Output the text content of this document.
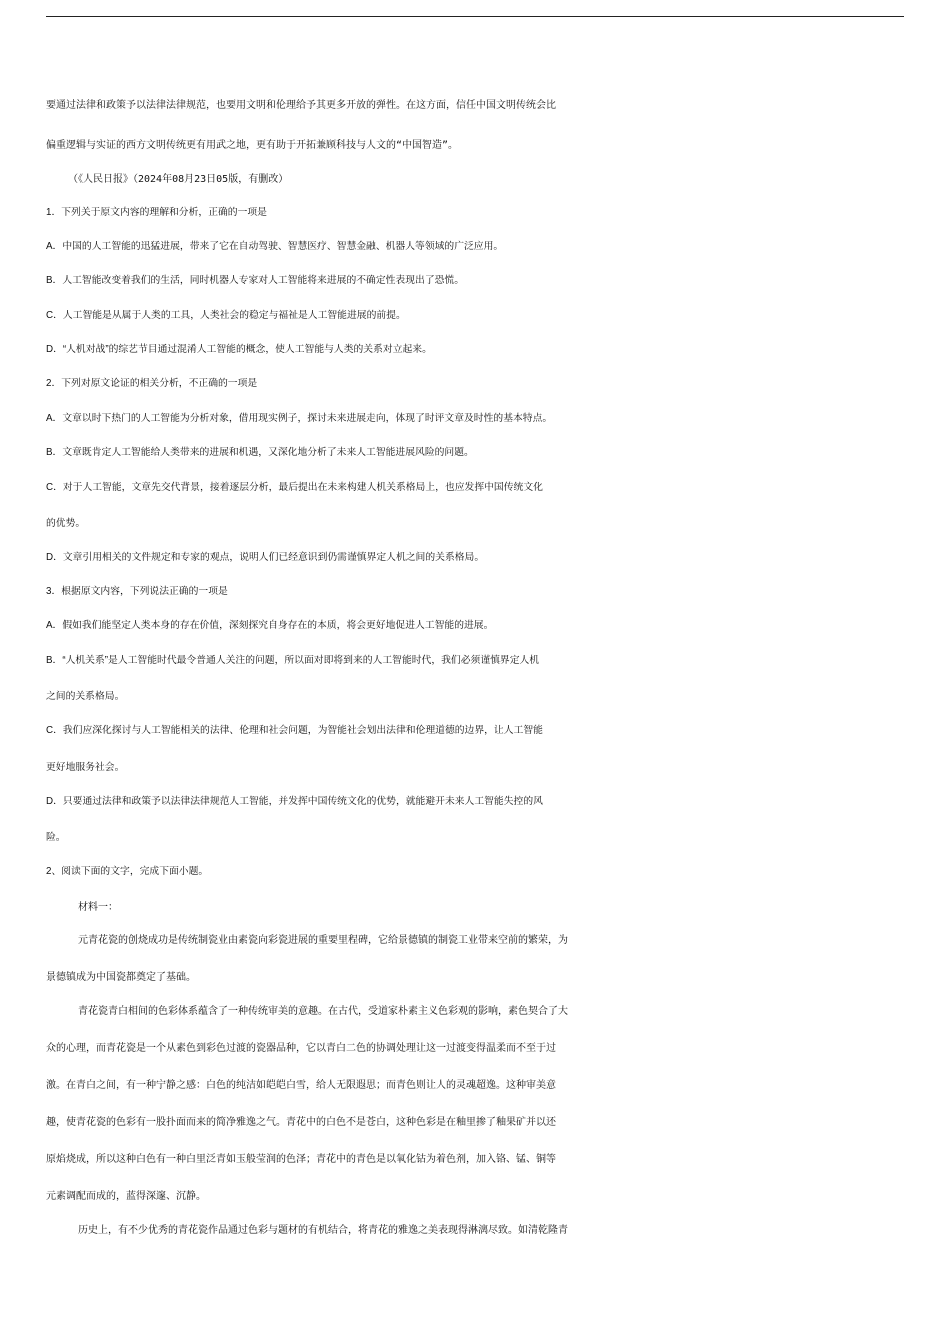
要通过法律和政策予以法律法律规范，也要用文明和伦理给予其更多开放的弹性。在这方面，信任中国文明传统会比
偏重逻辑与实证的西方文明传统更有用武之地，更有助于开拓兼顾科技与人文的“中国智造”。
（《人民日报》（2024年08月23日05版，有删改）
1．下列关于原文内容的理解和分析，正确的一项是
A．中国的人工智能的迅猛进展，带来了它在自动驾驶、智慧医疗、智慧金融、机器人等领域的广泛应用。
B．人工智能改变着我们的生活，同时机器人专家对人工智能将来进展的不确定性表现出了恐慌。
C．人工智能是从属于人类的工具，人类社会的稳定与福祉是人工智能进展的前提。
D．“人机对战”的综艺节目通过混淆人工智能的概念，使人工智能与人类的关系对立起来。
2．下列对原文论证的相关分析，不正确的一项是
A．文章以时下热门的人工智能为分析对象，借用现实例子，探讨未来进展走向，体现了时评文章及时性的基本特点。
B．文章既肯定人工智能给人类带来的进展和机遇，又深化地分析了未来人工智能进展风险的问题。
C．对于人工智能，文章先交代背景，接着逐层分析，最后提出在未来构建人机关系格局上，也应发挥中国传统文化
的优势。
D．文章引用相关的文件规定和专家的观点，说明人们已经意识到仍需谨慎界定人机之间的关系格局。
3．根据原文内容，下列说法正确的一项是
A．假如我们能坚定人类本身的存在价值，深刻探究自身存在的本质，将会更好地促进人工智能的进展。
B．“人机关系”是人工智能时代最令普通人关注的问题，所以面对即将到来的人工智能时代，我们必须谨慎界定人机
之间的关系格局。
C．我们应深化探讨与人工智能相关的法律、伦理和社会问题，为智能社会划出法律和伦理道德的边界，让人工智能
更好地服务社会。
D．只要通过法律和政策予以法律法律规范人工智能，并发挥中国传统文化的优势，就能避开未来人工智能失控的风
险。
2、阅读下面的文字，完成下面小题。
材料一：
元青花瓷的创烧成功是传统制瓷业由素瓷向彩瓷进展的重要里程碑，它给景德镇的制瓷工业带来空前的繁荣，为
景德镇成为中国瓷都奠定了基础。
青花瓷青白相间的色彩体系蕴含了一种传统审美的意趣。在古代，受道家朴素主义色彩观的影响，素色契合了大
众的心理，而青花瓷是一个从素色到彩色过渡的瓷器品种，它以青白二色的协调处理让这一过渡变得温柔而不至于过
激。在青白之间，有一种宁静之感：白色的纯洁如皑皑白雪，给人无限遐思；而青色则让人的灵魂超逸。这种审美意
趣，使青花瓷的色彩有一股扑面而来的简净雅逸之气。青花中的白色不是苍白，这种色彩是在釉里掺了釉果矿并以还
原焰烧成，所以这种白色有一种白里泛青如玉般莹润的色泽；青花中的青色是以氧化钴为着色剂，加入铬、锰、铜等
元素调配而成的，蓝得深邃、沉静。
历史上，有不少优秀的青花瓷作品通过色彩与题材的有机结合，将青花的雅逸之美表现得淋漓尽致。如清乾隆青
